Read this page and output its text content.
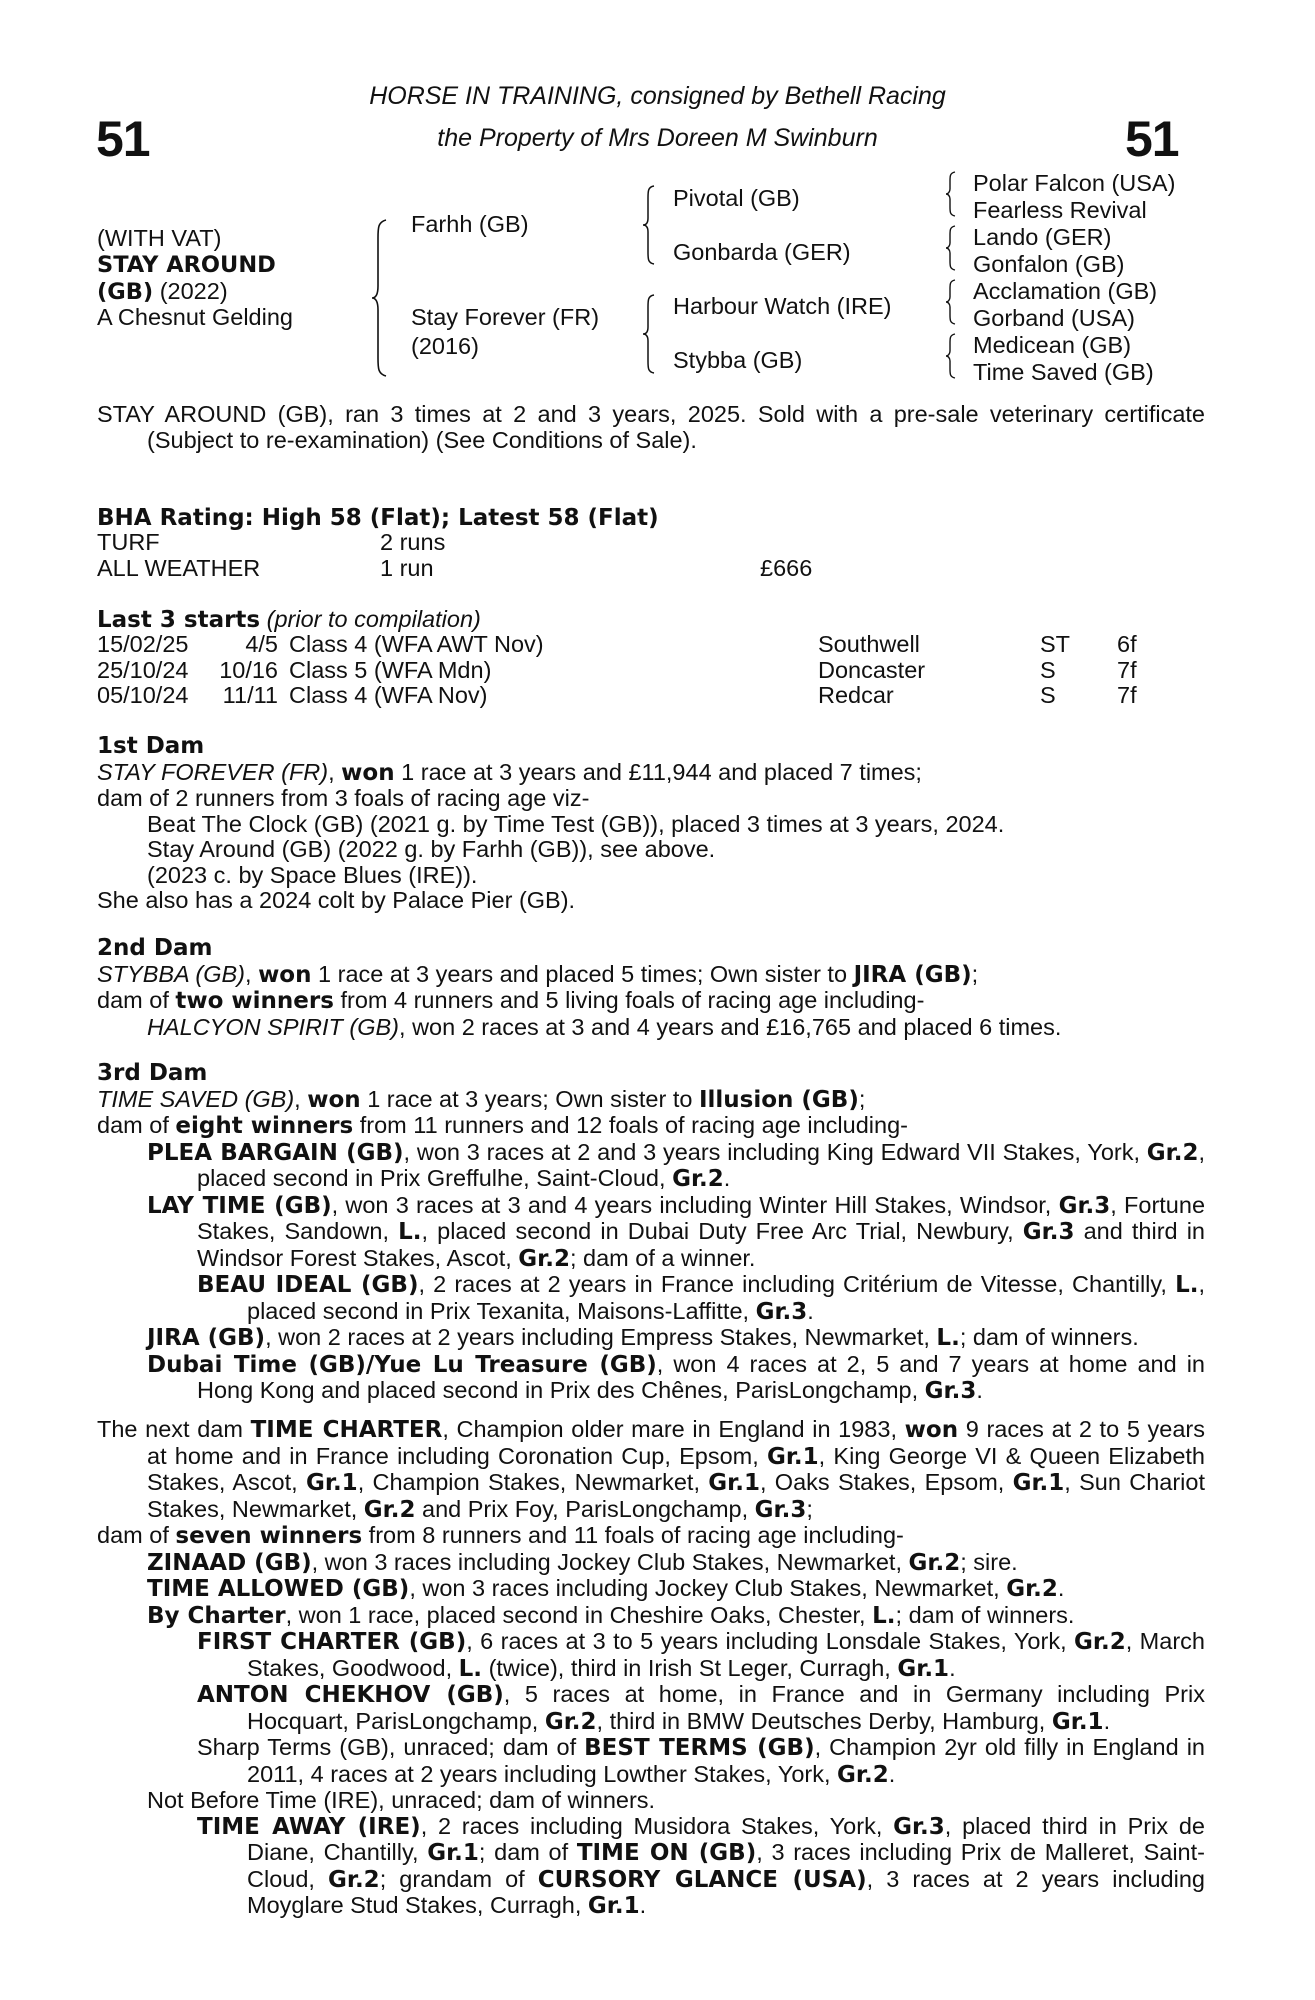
51	51
HORSE IN TRAINING, consigned by Bethell Racing
the Property of Mrs Doreen M Swinburn
(WITH VAT)
STAY AROUND
(GB) (2022)
A Chesnut Gelding
Farhh (GB)
Stay Forever (FR)
(2016)
Pivotal (GB)
Gonbarda (GER)
Harbour Watch (IRE)
Stybba (GB)
Polar Falcon (USA)
Fearless Revival
Lando (GER)
Gonfalon (GB)
Acclamation (GB)
Gorband (USA)
Medicean (GB)
Time Saved (GB)

STAY AROUND (GB), ran 3 times at 2 and 3 years, 2025. Sold with a pre-sale veterinary certificate (Subject to re-examination) (See Conditions of Sale).

BHA Rating: High 58 (Flat); Latest 58 (Flat)
TURF	2 runs
ALL WEATHER	1 run	£666
Last 3 starts (prior to compilation)
15/02/25	4/5 Class 4 (WFA AWT Nov)	Southwell	ST 6f
25/10/24 10/16 Class 5 (WFA Mdn)	Doncaster	S	7f
05/10/24 11/11 Class 4 (WFA Nov)	Redcar	S	7f

1st Dam

STAY FOREVER (FR), won 1 race at 3 years and £11,944 and placed 7 times;

dam of 2 runners from 3 foals of racing age viz-

Beat The Clock (GB) (2021 g. by Time Test (GB)), placed 3 times at 3 years, 2024.

Stay Around (GB) (2022 g. by Farhh (GB)), see above.

(2023 c. by Space Blues (IRE)).

She also has a 2024 colt by Palace Pier (GB).

2nd Dam

STYBBA (GB), won 1 race at 3 years and placed 5 times; Own sister to JIRA (GB);

dam of two winners from 4 runners and 5 living foals of racing age including-

HALCYON SPIRIT (GB), won 2 races at 3 and 4 years and £16,765 and placed 6 times.

3rd Dam

TIME SAVED (GB), won 1 race at 3 years; Own sister to Illusion (GB);

dam of eight winners from 11 runners and 12 foals of racing age including-

PLEA BARGAIN (GB), won 3 races at 2 and 3 years including King Edward VII Stakes, York, Gr.2, placed second in Prix Greffulhe, Saint-Cloud, Gr.2.

LAY TIME (GB), won 3 races at 3 and 4 years including Winter Hill Stakes, Windsor, Gr.3, Fortune Stakes, Sandown, L., placed second in Dubai Duty Free Arc Trial, Newbury, Gr.3 and third in Windsor Forest Stakes, Ascot, Gr.2; dam of a winner.

BEAU IDEAL (GB), 2 races at 2 years in France including Critérium de Vitesse, Chantilly, L., placed second in Prix Texanita, Maisons-Laffitte, Gr.3.

JIRA (GB), won 2 races at 2 years including Empress Stakes, Newmarket, L.; dam of winners.

Dubai Time (GB)/Yue Lu Treasure (GB), won 4 races at 2, 5 and 7 years at home and in Hong Kong and placed second in Prix des Chênes, ParisLongchamp, Gr.3.

The next dam TIME CHARTER, Champion older mare in England in 1983, won 9 races at 2 to 5 years at home and in France including Coronation Cup, Epsom, Gr.1, King George VI & Queen Elizabeth Stakes, Ascot, Gr.1, Champion Stakes, Newmarket, Gr.1, Oaks Stakes, Epsom, Gr.1, Sun Chariot Stakes, Newmarket, Gr.2 and Prix Foy, ParisLongchamp, Gr.3;

dam of seven winners from 8 runners and 11 foals of racing age including-

ZINAAD (GB), won 3 races including Jockey Club Stakes, Newmarket, Gr.2; sire.

TIME ALLOWED (GB), won 3 races including Jockey Club Stakes, Newmarket, Gr.2.

By Charter, won 1 race, placed second in Cheshire Oaks, Chester, L.; dam of winners.

FIRST CHARTER (GB), 6 races at 3 to 5 years including Lonsdale Stakes, York, Gr.2, March Stakes, Goodwood, L. (twice), third in Irish St Leger, Curragh, Gr.1.

ANTON CHEKHOV (GB), 5 races at home, in France and in Germany including Prix Hocquart, ParisLongchamp, Gr.2, third in BMW Deutsches Derby, Hamburg, Gr.1.

Sharp Terms (GB), unraced; dam of BEST TERMS (GB), Champion 2yr old filly in England in 2011, 4 races at 2 years including Lowther Stakes, York, Gr.2.

Not Before Time (IRE), unraced; dam of winners.

TIME AWAY (IRE), 2 races including Musidora Stakes, York, Gr.3, placed third in Prix de Diane, Chantilly, Gr.1; dam of TIME ON (GB), 3 races including Prix de Malleret, Saint-Cloud, Gr.2; grandam of CURSORY GLANCE (USA), 3 races at 2 years including Moyglare Stud Stakes, Curragh, Gr.1.
